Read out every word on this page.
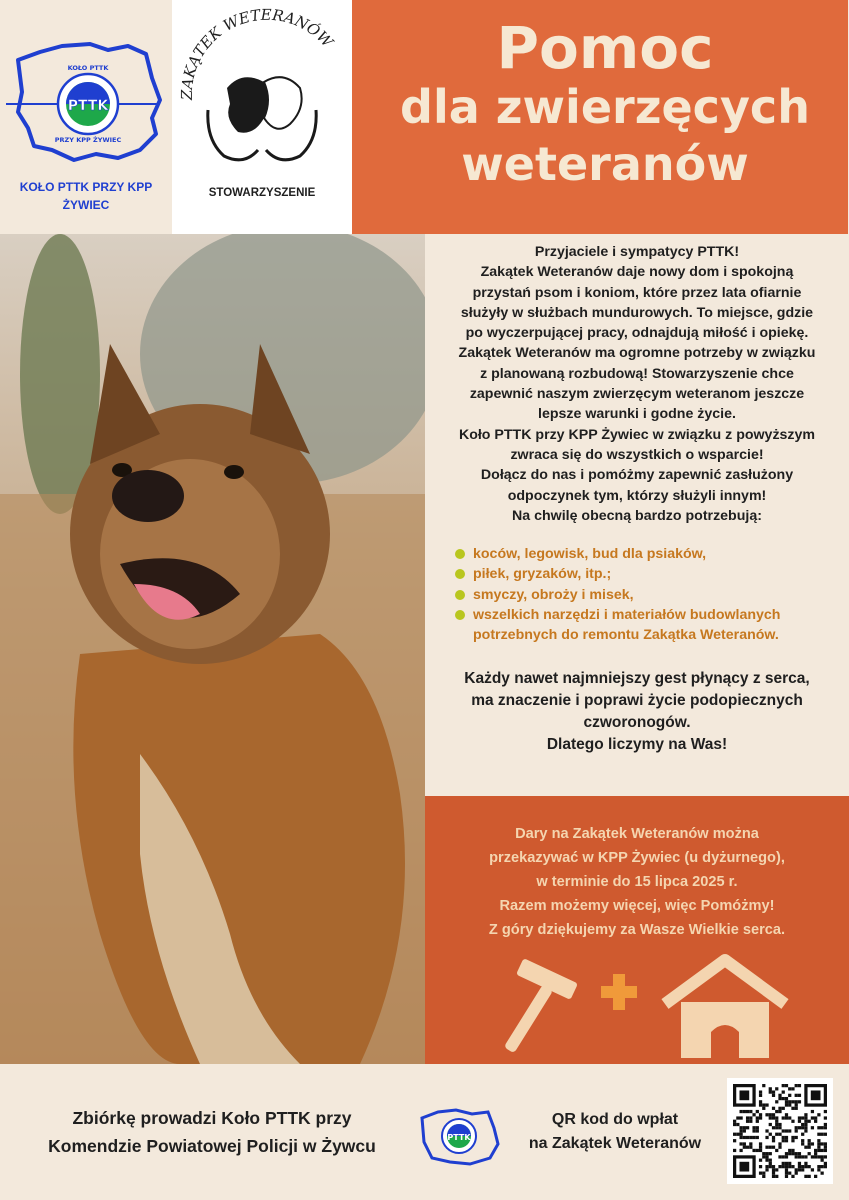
PTTK
KOŁO PTTK
PRZY KPP ŻYWIEC
KOŁO PTTK PRZY KPP
ŻYWIEC
ZAKĄTEK WETERANÓW
STOWARZYSZENIE
Pomoc
dla zwierzęcych
weteranów
Przyjaciele i sympatycy PTTK!
Zakątek Weteranów daje nowy dom i spokojną
przystań psom i koniom, które przez lata ofiarnie
służyły w służbach mundurowych. To miejsce, gdzie
po wyczerpującej pracy, odnajdują miłość i opiekę.
Zakątek Weteranów ma ogromne potrzeby w związku
z planowaną rozbudową! Stowarzyszenie chce
zapewnić naszym zwierzęcym weteranom jeszcze
lepsze warunki i godne życie.
Koło PTTK przy KPP Żywiec w związku z powyższym
zwraca się do wszystkich o wsparcie!
Dołącz do nas i pomóżmy zapewnić zasłużony
odpoczynek tym, którzy służyli innym!
Na chwilę obecną bardzo potrzebują:
koców, legowisk, bud dla psiaków,
piłek, gryzaków, itp.;
smyczy, obroży i misek,
wszelkich narzędzi i materiałów budowlanych potrzebnych do remontu Zakątka Weteranów.
Każdy nawet najmniejszy gest płynący z serca,
ma znaczenie i poprawi życie podopiecznych
czworonogów.
Dlatego liczymy na Was!
Dary na Zakątek Weteranów można
przekazywać w KPP Żywiec (u dyżurnego),
w terminie do 15 lipca 2025 r.
Razem możemy więcej, więc Pomóżmy!
Z góry dziękujemy za Wasze Wielkie serca.
Zbiórkę prowadzi Koło PTTK przy
Komendzie Powiatowej Policji w Żywcu	PTTK
QR kod do wpłat
na Zakątek Weteranów
